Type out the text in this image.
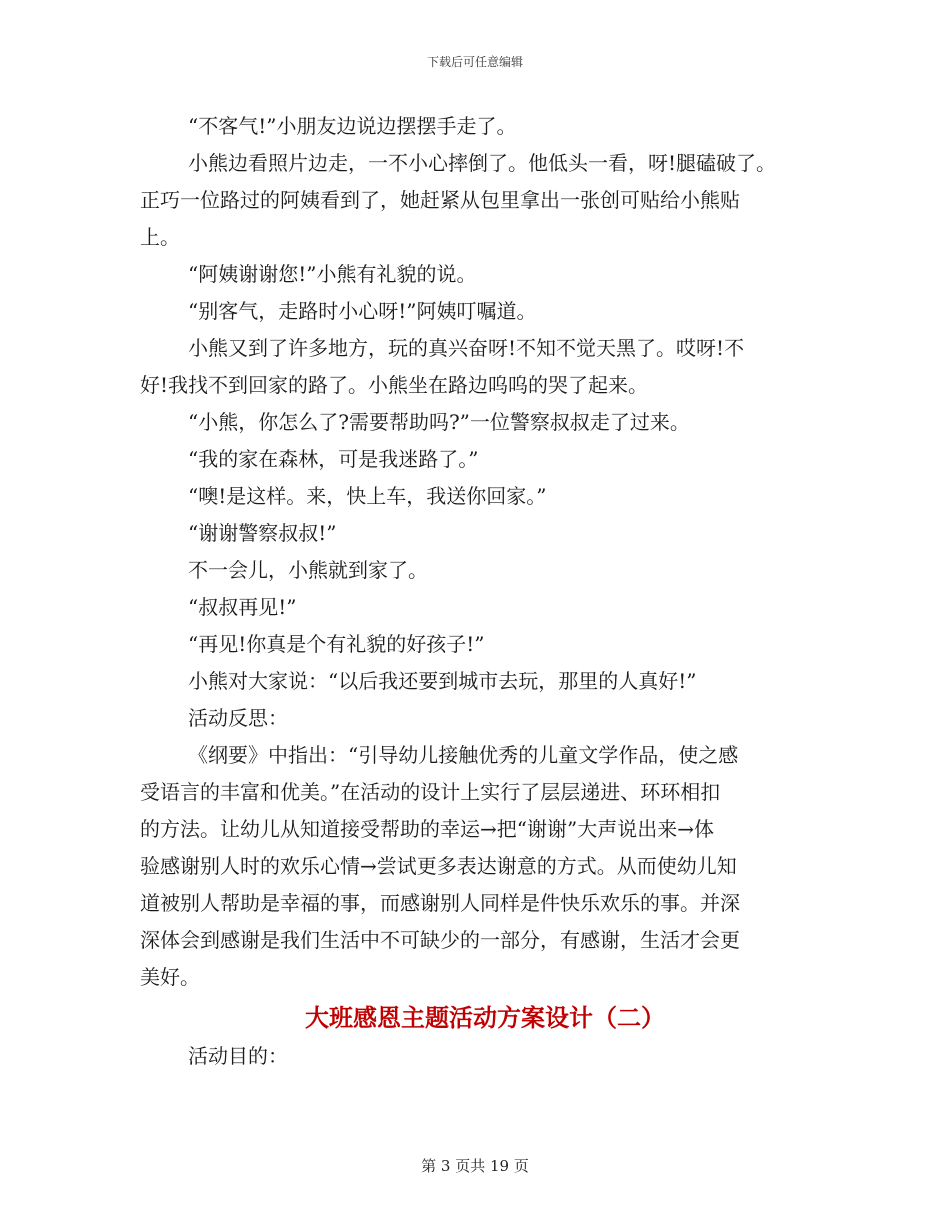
下载后可任意编辑

“不客气!”小朋友边说边摆摆手走了。

小熊边看照片边走，一不小心摔倒了。他低头一看，呀!腿磕破了。

正巧一位路过的阿姨看到了，她赶紧从包里拿出一张创可贴给小熊贴

上。

“阿姨谢谢您!”小熊有礼貌的说。

“别客气，走路时小心呀!”阿姨叮嘱道。

小熊又到了许多地方，玩的真兴奋呀!不知不觉天黑了。哎呀!不

好!我找不到回家的路了。小熊坐在路边呜呜的哭了起来。

“小熊，你怎么了?需要帮助吗?”一位警察叔叔走了过来。

“我的家在森林，可是我迷路了。”

“噢!是这样。来，快上车，我送你回家。”

“谢谢警察叔叔!”

不一会儿，小熊就到家了。

“叔叔再见!”

“再见!你真是个有礼貌的好孩子!”

小熊对大家说：“以后我还要到城市去玩，那里的人真好!”

活动反思：

《纲要》中指出：“引导幼儿接触优秀的儿童文学作品，使之感

受语言的丰富和优美。”在活动的设计上实行了层层递进、环环相扣

的方法。让幼儿从知道接受帮助的幸运→把“谢谢”大声说出来→体

验感谢别人时的欢乐心情→尝试更多表达谢意的方式。从而使幼儿知

道被别人帮助是幸福的事，而感谢别人同样是件快乐欢乐的事。并深

深体会到感谢是我们生活中不可缺少的一部分，有感谢，生活才会更

美好。

大班感恩主题活动方案设计（二）

活动目的：

第 3 页共 19 页
